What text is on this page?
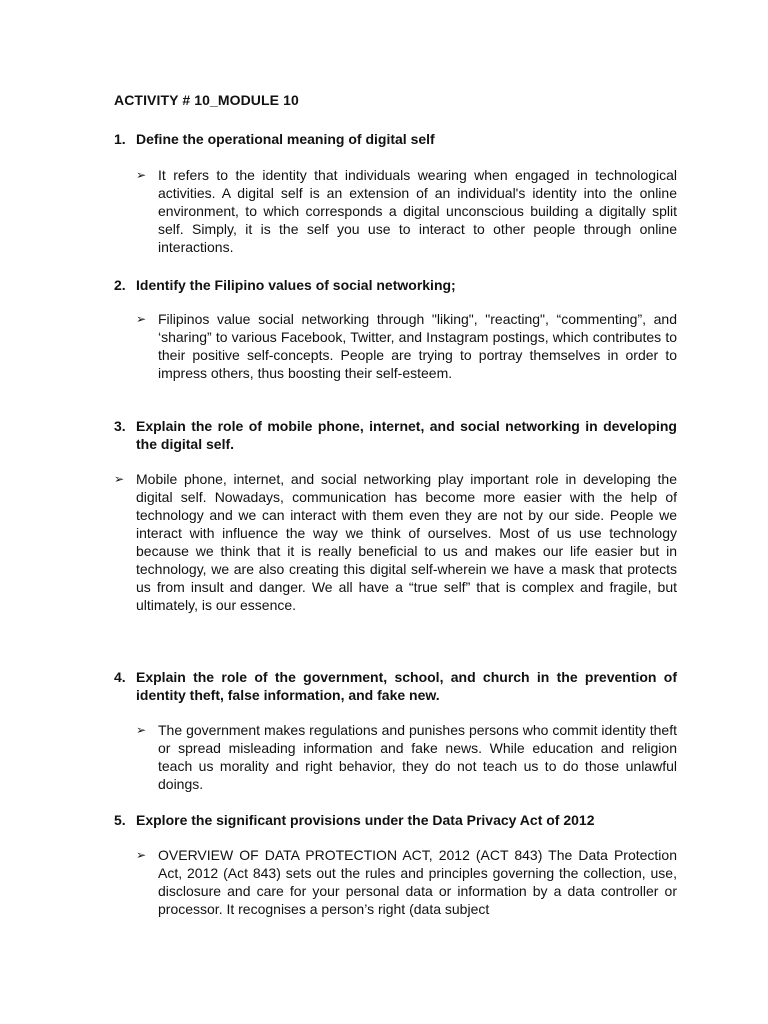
ACTIVITY # 10_MODULE 10
1. Define the operational meaning of digital self
➢ It refers to the identity that individuals wearing when engaged in technological activities. A digital self is an extension of an individual's identity into the online environment, to which corresponds a digital unconscious building a digitally split self. Simply, it is the self you use to interact to other people through online interactions.
2. Identify the Filipino values of social networking;
➢ Filipinos value social networking through "liking", "reacting", “commenting”, and ‘sharing” to various Facebook, Twitter, and Instagram postings, which contributes to their positive self-concepts. People are trying to portray themselves in order to impress others, thus boosting their self-esteem.
3. Explain the role of mobile phone, internet, and social networking in developing the digital self.
➢ Mobile phone, internet, and social networking play important role in developing the digital self. Nowadays, communication has become more easier with the help of technology and we can interact with them even they are not by our side. People we interact with influence the way we think of ourselves. Most of us use technology because we think that it is really beneficial to us and makes our life easier but in technology, we are also creating this digital self-wherein we have a mask that protects us from insult and danger. We all have a “true self” that is complex and fragile, but ultimately, is our essence.
4. Explain the role of the government, school, and church in the prevention of identity theft, false information, and fake new.
➢ The government makes regulations and punishes persons who commit identity theft or spread misleading information and fake news. While education and religion teach us morality and right behavior, they do not teach us to do those unlawful doings.
5. Explore the significant provisions under the Data Privacy Act of 2012
➢ OVERVIEW OF DATA PROTECTION ACT, 2012 (ACT 843) The Data Protection Act, 2012 (Act 843) sets out the rules and principles governing the collection, use, disclosure and care for your personal data or information by a data controller or processor. It recognises a person’s right (data subject
